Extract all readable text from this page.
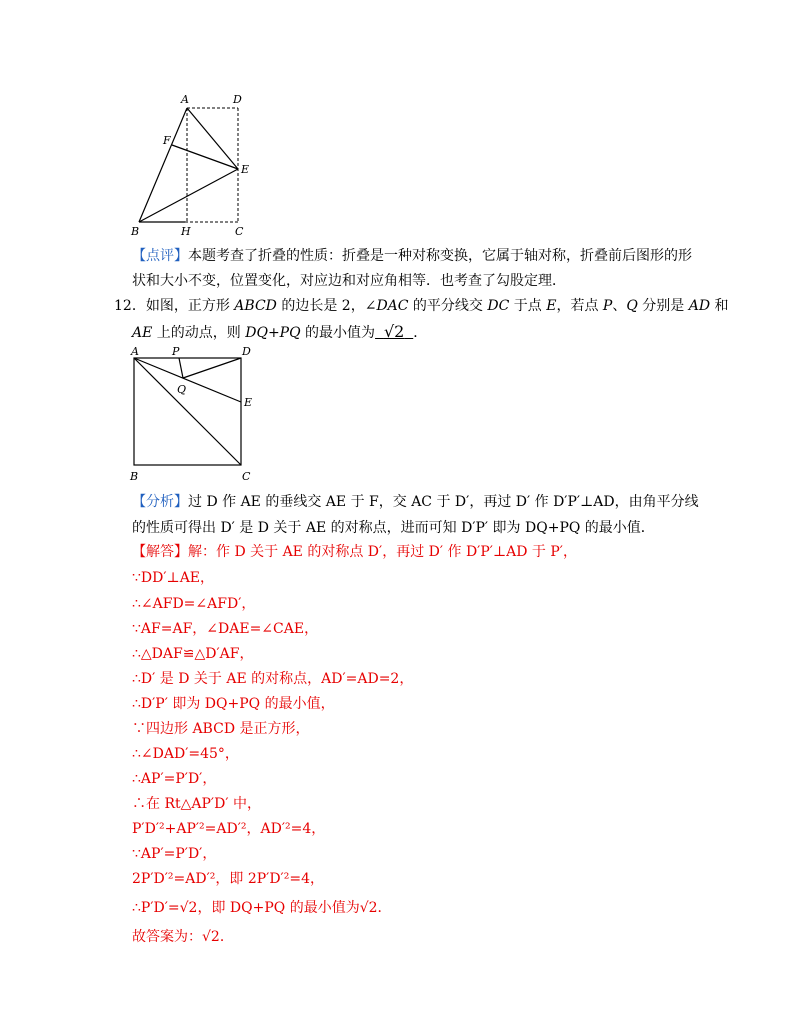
A	D
F
E
B	H	C
【点评】本题考查了折叠的性质：折叠是一种对称变换，它属于轴对称，折叠前后图形的形
状和大小不变，位置变化，对应边和对应角相等．也考查了勾股定理．
12．如图，正方形 ABCD 的边长是 2，∠DAC 的平分线交 DC 于点 E，若点 P、Q 分别是 AD 和
AE 上的动点，则 DQ+PQ 的最小值为 √2 ．
A	P	D
Q
E
B	C
【分析】过 D 作 AE 的垂线交 AE 于 F，交 AC 于 D′，再过 D′ 作 D′P′⊥AD，由角平分线
的性质可得出 D′ 是 D 关于 AE 的对称点，进而可知 D′P′ 即为 DQ+PQ 的最小值．
【解答】解：作 D 关于 AE 的对称点 D′，再过 D′ 作 D′P′⊥AD 于 P′，
∵DD′⊥AE，
∴∠AFD=∠AFD′，
∵AF=AF，∠DAE=∠CAE，
∴△DAF≌△D′AF，
∴D′ 是 D 关于 AE 的对称点，AD′=AD=2，
∴D′P′ 即为 DQ+PQ 的最小值，
∵四边形 ABCD 是正方形，
∴∠DAD′=45°，
∴AP′=P′D′，
∴在 Rt△AP′D′ 中，
P′D′²+AP′²=AD′²，AD′²=4，
∵AP′=P′D′，
2P′D′²=AD′²，即 2P′D′²=4，
∴P′D′=√2，即 DQ+PQ 的最小值为√2．
故答案为：√2．
